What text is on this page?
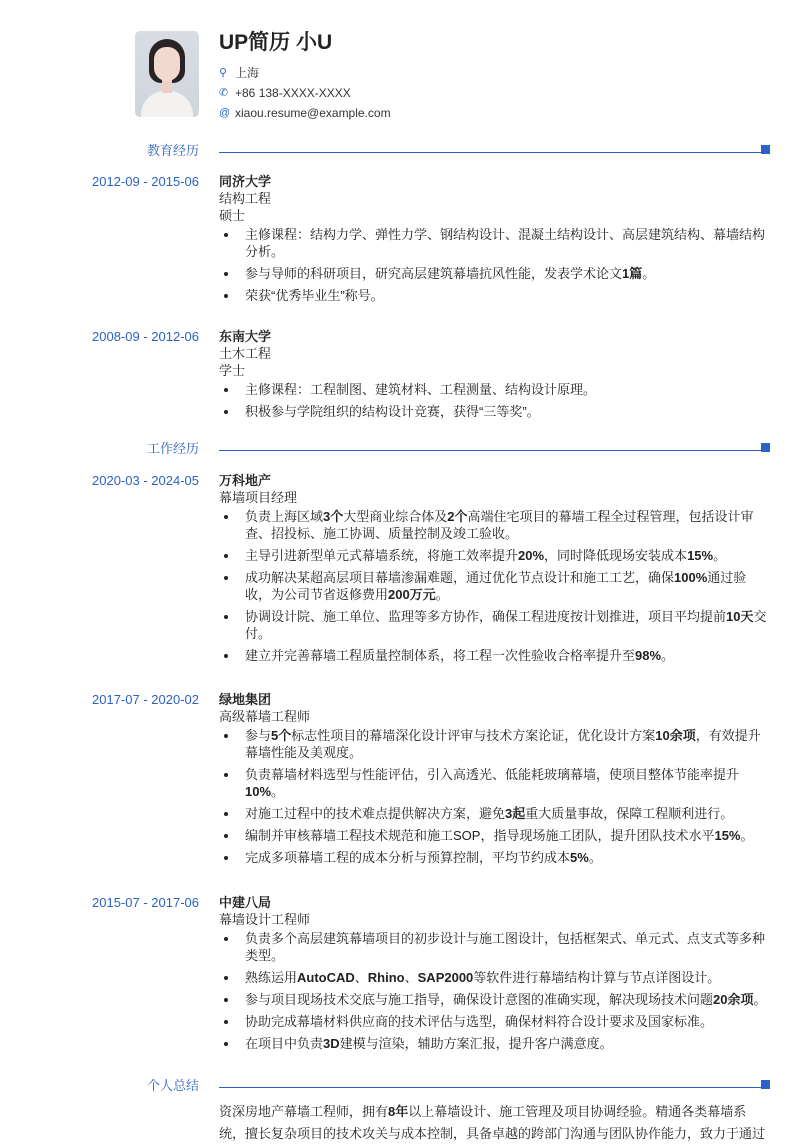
UP简历 小U
⚲ 上海
✆ +86 138-XXXX-XXXX
@ xiaou.resume@example.com
教育经历
工作经历
个人总结
2012-09 - 2015-06 同济大学
结构工程
硕士
主修课程：结构力学、弹性力学、钢结构设计、混凝土结构设计、高层建筑结构、幕墙结构分析。
参与导师的科研项目，研究高层建筑幕墙抗风性能，发表学术论文1篇。
荣获“优秀毕业生”称号。
2008-09 - 2012-06 东南大学
土木工程
学士
主修课程：工程制图、建筑材料、工程测量、结构设计原理。
积极参与学院组织的结构设计竞赛，获得“三等奖”。
2020-03 - 2024-05 万科地产
幕墙项目经理
负责上海区域3个大型商业综合体及2个高端住宅项目的幕墙工程全过程管理，包括设计审查、招投标、施工协调、质量控制及竣工验收。
主导引进新型单元式幕墙系统，将施工效率提升20%，同时降低现场安装成本15%。
成功解决某超高层项目幕墙渗漏难题，通过优化节点设计和施工工艺，确保100%通过验收，为公司节省返修费用200万元。
协调设计院、施工单位、监理等多方协作，确保工程进度按计划推进，项目平均提前10天交付。
建立并完善幕墙工程质量控制体系，将工程一次性验收合格率提升至98%。
2017-07 - 2020-02 绿地集团
高级幕墙工程师
参与5个标志性项目的幕墙深化设计评审与技术方案论证，优化设计方案10余项，有效提升幕墙性能及美观度。
负责幕墙材料选型与性能评估，引入高透光、低能耗玻璃幕墙，使项目整体节能率提升10%。
对施工过程中的技术难点提供解决方案，避免3起重大质量事故，保障工程顺利进行。
编制并审核幕墙工程技术规范和施工SOP，指导现场施工团队，提升团队技术水平15%。
完成多项幕墙工程的成本分析与预算控制，平均节约成本5%。
2015-07 - 2017-06 中建八局
幕墙设计工程师
负责多个高层建筑幕墙项目的初步设计与施工图设计，包括框架式、单元式、点支式等多种类型。
熟练运用AutoCAD、Rhino、SAP2000等软件进行幕墙结构计算与节点详图设计。
参与项目现场技术交底与施工指导，确保设计意图的准确实现，解决现场技术问题20余项。
协助完成幕墙材料供应商的技术评估与选型，确保材料符合设计要求及国家标准。
在项目中负责3D建模与渲染，辅助方案汇报，提升客户满意度。
资深房地产幕墙工程师，拥有8年以上幕墙设计、施工管理及项目协调经验。精通各类幕墙系统，擅长复杂项目的技术攻关与成本控制，具备卓越的跨部门沟通与团队协作能力，致力于通过
